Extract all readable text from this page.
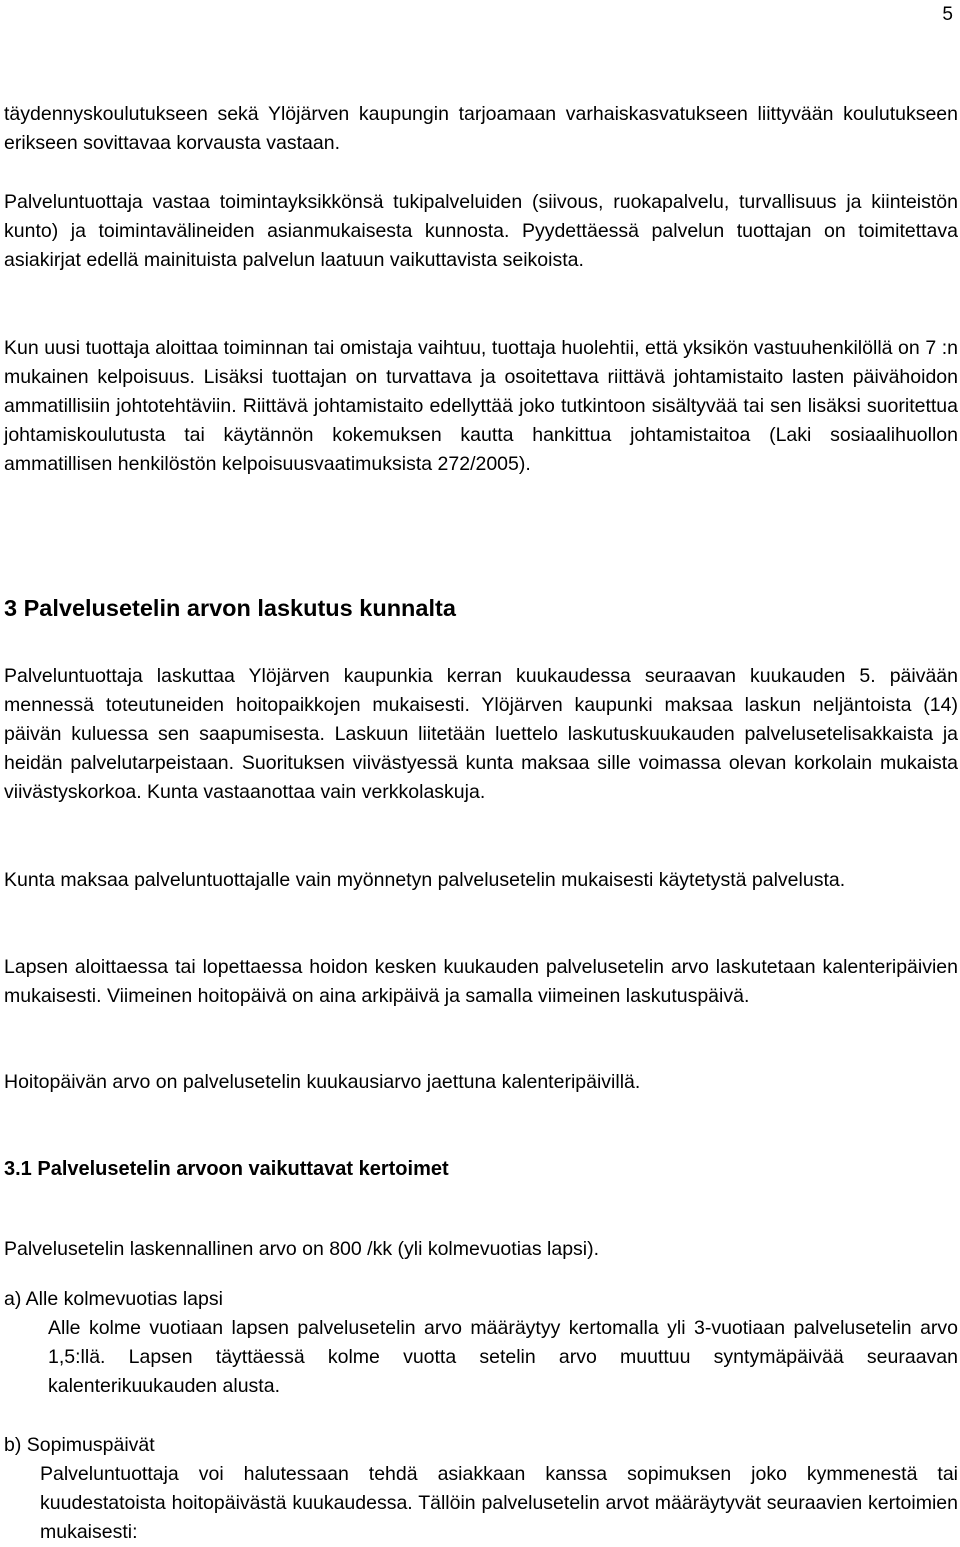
5

täydennyskoulutukseen sekä Ylöjärven kaupungin tarjoamaan varhaiskasvatukseen liittyvään koulutukseen erikseen sovittavaa korvausta vastaan.

Palveluntuottaja vastaa toimintayksikkönsä tukipalveluiden (siivous, ruokapalvelu, turvallisuus ja kiinteistön kunto) ja toimintavälineiden asianmukaisesta kunnosta. Pyydettäessä palvelun tuottajan on toimitettava asiakirjat edellä mainituista palvelun laatuun vaikuttavista seikoista.

Kun uusi tuottaja aloittaa toiminnan tai omistaja vaihtuu, tuottaja huolehtii, että yksikön vastuuhenkilöllä on 7 :n mukainen kelpoisuus. Lisäksi tuottajan on turvattava ja osoitettava riittävä johtamistaito lasten päivähoidon ammatillisiin johtotehtäviin. Riittävä johtamistaito edellyttää joko tutkintoon sisältyvää tai sen lisäksi suoritettua johtamiskoulutusta tai käytännön kokemuksen kautta hankittua johtamistaitoa (Laki sosiaalihuollon ammatillisen henkilöstön kelpoisuusvaatimuksista 272/2005).

3 Palvelusetelin arvon laskutus kunnalta

Palveluntuottaja laskuttaa Ylöjärven kaupunkia kerran kuukaudessa seuraavan kuukauden 5. päivään mennessä toteutuneiden hoitopaikkojen mukaisesti. Ylöjärven kaupunki maksaa laskun neljäntoista (14) päivän kuluessa sen saapumisesta. Laskuun liitetään luettelo laskutuskuukauden palvelusetelisakkaista ja heidän palvelutarpeistaan. Suorituksen viivästyessä kunta maksaa sille voimassa olevan korkolain mukaista viivästyskorkoa. Kunta vastaanottaa vain verkkolaskuja.

Kunta maksaa palveluntuottajalle vain myönnetyn palvelusetelin mukaisesti käytetystä palvelusta.

Lapsen aloittaessa tai lopettaessa hoidon kesken kuukauden palvelusetelin arvo laskutetaan kalenteripäivien mukaisesti. Viimeinen hoitopäivä on aina arkipäivä ja samalla viimeinen laskutuspäivä.

Hoitopäivän arvo on palvelusetelin kuukausiarvo jaettuna kalenteripäivillä.

3.1 Palvelusetelin arvoon vaikuttavat kertoimet

Palvelusetelin laskennallinen arvo on 800 /kk (yli kolmevuotias lapsi).

a) Alle kolmevuotias lapsi

Alle kolme vuotiaan lapsen palvelusetelin arvo määräytyy kertomalla yli 3-vuotiaan palvelusetelin arvo 1,5:llä. Lapsen täyttäessä kolme vuotta setelin arvo muuttuu syntymäpäivää seuraavan kalenterikuukauden alusta.

b) Sopimuspäivät

Palveluntuottaja voi halutessaan tehdä asiakkaan kanssa sopimuksen joko kymmenestä tai kuudestatoista hoitopäivästä kuukaudessa. Tällöin palvelusetelin arvot määräytyvät seuraavien kertoimien mukaisesti:
